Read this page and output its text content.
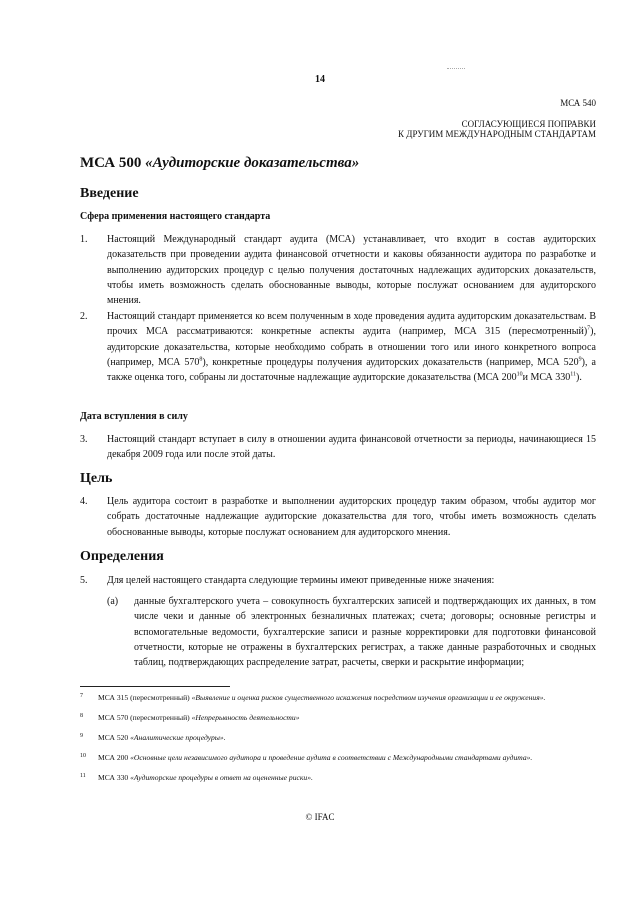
14
МСА 540
СОГЛАСУЮЩИЕСЯ ПОПРАВКИ
К ДРУГИМ МЕЖДУНАРОДНЫМ СТАНДАРТАМ
МСА 500 «Аудиторские доказательства»
Введение
Сфера применения настоящего стандарта
1.	Настоящий Международный стандарт аудита (МСА) устанавливает, что входит в состав аудиторских доказательств при проведении аудита финансовой отчетности и каковы обязанности аудитора по разработке и выполнению аудиторских процедур с целью получения достаточных надлежащих аудиторских доказательств, чтобы иметь возможность сделать обоснованные выводы, которые послужат основанием для аудиторского мнения.
2.	Настоящий стандарт применяется ко всем полученным в ходе проведения аудита аудиторским доказательствам. В прочих МСА рассматриваются: конкретные аспекты аудита (например, МСА 315 (пересмотренный)$^7$), аудиторские доказательства, которые необходимо собрать в отношении того или иного конкретного вопроса (например, МСА $570^8$), конкретные процедуры получения аудиторских доказательств (например, МСА $520^9$), а также оценка того, собраны ли достаточные надлежащие аудиторские доказательства (МСА $200^{10}и$ МСА $330^{11}$).
Дата вступления в силу
3.	Настоящий стандарт вступает в силу в отношении аудита финансовой отчетности за периоды, начинающиеся 15 декабря 2009 года или после этой даты.
Цель
4.	Цель аудитора состоит в разработке и выполнении аудиторских процедур таким образом, чтобы аудитор мог собрать достаточные надлежащие аудиторские доказательства для того, чтобы иметь возможность сделать обоснованные выводы, которые послужат основанием для аудиторского мнения.
Определения
5.	Для целей настоящего стандарта следующие термины имеют приведенные ниже значения:
(а) данные бухгалтерского учета – совокупность бухгалтерских записей и подтверждающих их данных, в том числе чеки и данные об электронных безналичных платежах; счета; договоры; основные регистры и вспомогательные ведомости, бухгалтерские записи и разные корректировки для подготовки финансовой отчетности, которые не отражены в бухгалтерских регистрах, а также данные разработочных и сводных таблиц, подтверждающих распределение затрат, расчеты, сверки и раскрытие информации;
7 МСА 315 (пересмотренный) «Выявление и оценка рисков существенного искажения посредством изучения организации и ее окружения».
8 МСА 570 (пересмотренный) «Непрерывность деятельности»
9 МСА 520 «Аналитические процедуры».
10 МСА 200 «Основные цели независимого аудитора и проведение аудита в соответствии с Международными стандартами аудита».
11 МСА 330 «Аудиторские процедуры в ответ на оцененные риски».
© IFAC
